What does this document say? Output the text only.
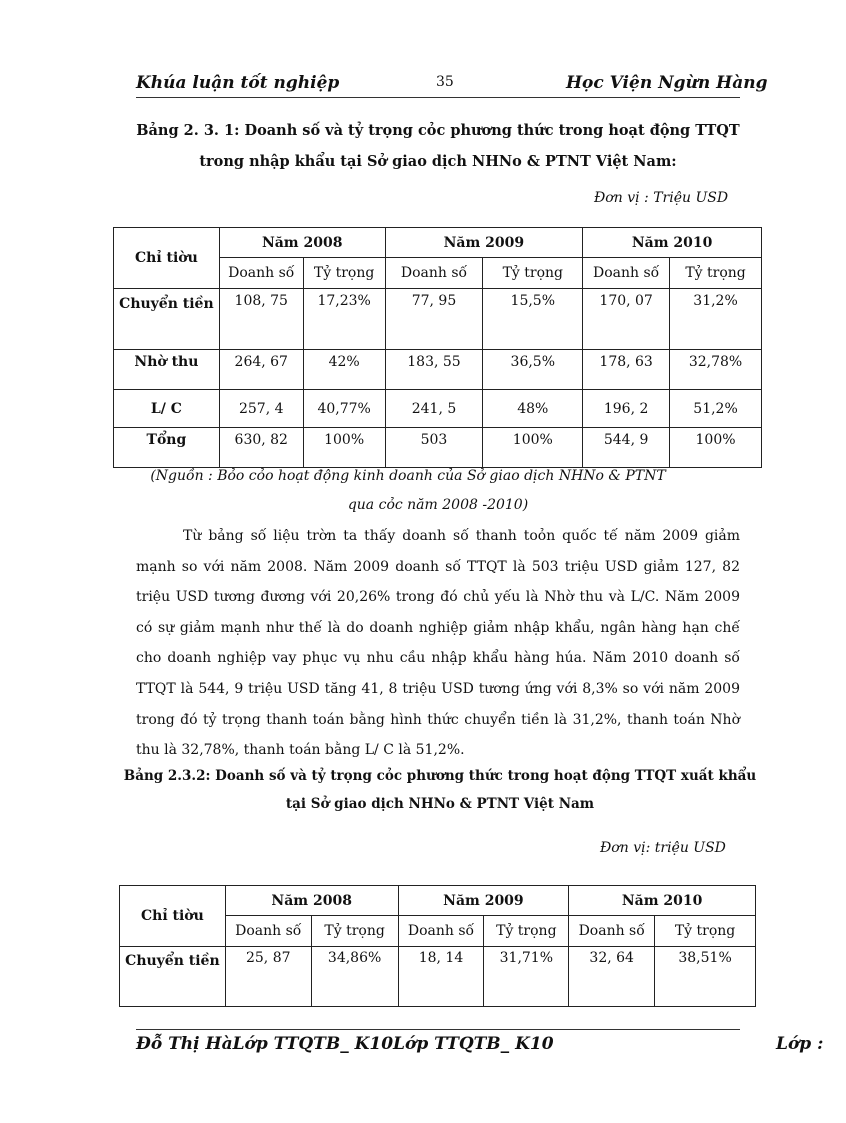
Khúa luận tốt nghiệp	35	Học Viện Ngừn Hàng
Bảng 2. 3. 1: Doanh số và tỷ trọng cỏc phương thức trong hoạt động TTQT
trong nhập khẩu tại Sở giao dịch NHNo & PTNT Việt Nam:
Đơn vị : Triệu USD
Chỉ tiờu	Năm 2008		Năm 2009		Năm 2010	
	Doanh số	Tỷ trọng	Doanh số	Tỷ trọng	Doanh số	Tỷ trọng
Chuyển tiền	108, 75	17,23%	77, 95	15,5%	170, 07	31,2%
Nhờ thu	264, 67	42%	183, 55	36,5%	178, 63	32,78%
L/ C	257, 4	40,77%	241, 5	48%	196, 2	51,2%
Tổng	630, 82	100%	503	100%	544, 9	100%
(Nguồn : Bỏo cỏo hoạt động kinh doanh của Sở giao dịch NHNo & PTNT
qua cỏc năm 2008 -2010)

Từ bảng số liệu trờn ta thấy doanh số thanh toỏn quốc tế năm 2009 giảm mạnh so với năm 2008. Năm 2009 doanh số TTQT là 503 triệu USD giảm 127, 82 triệu USD tương đương với 20,26% trong đó chủ yếu là Nhờ thu và L/C. Năm 2009 có sự giảm mạnh như thế là do doanh nghiệp giảm nhập khẩu, ngân hàng hạn chế cho doanh nghiệp vay phục vụ nhu cầu nhập khẩu hàng húa. Năm 2010 doanh số TTQT là 544, 9 triệu USD tăng 41, 8 triệu USD tương ứng với 8,3% so với năm 2009 trong đó tỷ trọng thanh toán bằng hình thức chuyển tiền là 31,2%, thanh toán Nhờ thu là 32,78%, thanh toán bằng L/ C là 51,2%.

Bảng 2.3.2: Doanh số và tỷ trọng cỏc phương thức trong hoạt động TTQT xuất khẩu
tại Sở giao dịch NHNo & PTNT Việt Nam
Đơn vị: triệu USD
Chỉ tiờu	Năm 2008		Năm 2009		Năm 2010	
	Doanh số	Tỷ trọng	Doanh số	Tỷ trọng	Doanh số	Tỷ trọng
Chuyển tiền	25, 87	34,86%	18, 14	31,71%	32, 64	38,51%
Đỗ Thị HàLớp TTQTB_ K10Lớp TTQTB_ K10	Lớp :
